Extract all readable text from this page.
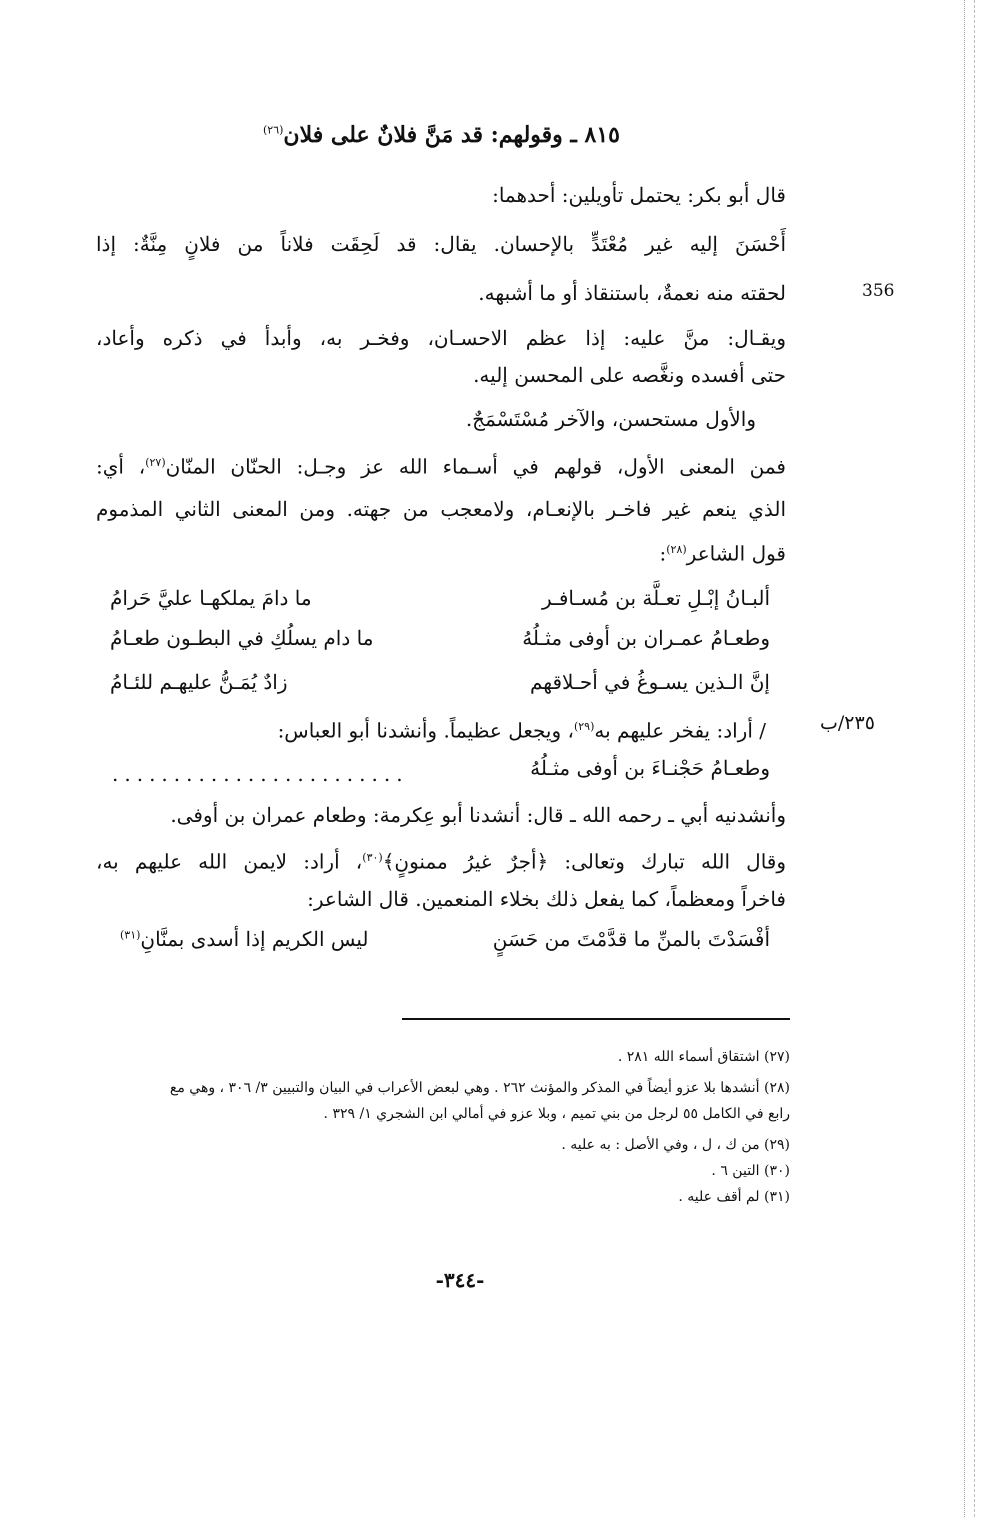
٨١٥ ـ وقولهم: قد مَنَّ فلانٌ على فلان$^{(٢٦)}$
قال أبو بكر: يحتمل تأويلين: أحدهما:
أَحْسَنَ إليه غير مُعْتَدٍّ بالإحسان. يقال: قد لَحِقَت فلاناً من فلانٍ مِنَّةٌ: إذا
لحقته منه نعمةٌ، باستنقاذ أو ما أشبهه.	356
ويقـال: منَّ عليه: إذا عظم الاحسـان، وفخـر به، وأبدأ في ذكره وأعاد،
حتى أفسده ونغَّصه على المحسن إليه.
والأول مستحسن، والآخر مُسْتَسْمَجٌ.
فمن المعنى الأول، قولهم في أسـماء الله عز وجـل: الحنّان المنّان$^{(٢٧)}$، أي:
الذي ينعم غير فاخـر بالإنعـام، ولامعجب من جهته. ومن المعنى الثاني المذموم
قول الشاعر$^{(٢٨)}$:
ألبـانُ إبْـلِ تعـلَّة بن مُسـافـر
ما دامَ يملكهـا عليَّ حَرامُ
وطعـامُ عمـران بن أوفى مثـلُهُ
ما دام يسلُكِ في البطـون طعـامُ
إنَّ الـذين يسـوغُ في أحـلاقهم
زادٌ يُمَـنُّ عليهـم للئـامُ
/ أراد: يفخر عليهم به$^{(٢٩)}$، ويجعل عظيماً. وأنشدنا أبو العباس:	٢٣٥/ب
وطعـامُ حَجْنـاءَ بن أوفى مثـلُهُ
........................
وأنشدنيه أبي ـ رحمه الله ـ قال: أنشدنا أبو عِكرمة: وطعام عمران بن أوفى.
وقال الله تبارك وتعالى: ﴿أجرٌ غيرُ ممنونٍ﴾$^{(٣٠)}$، أراد: لايمن الله عليهم به،
فاخراً ومعظماً، كما يفعل ذلك بخلاء المنعمين. قال الشاعر:
أفْسَدْتَ بالمنِّ ما قدَّمْتَ من حَسَنٍ
ليس الكريم إذا أسدى بمنَّانِ$^{(٣١)}$
(٢٧) اشتقاق أسماء الله ٢٨١ .
(٢٨) أنشدها بلا عزو أيضاً في المذكر والمؤنث ٢٦٢ . وهي لبعض الأعراب في البيان والتبيين ٣/ ٣٠٦ ، وهي مع
رابع في الكامل ٥٥ لرجل من بني تميم ، وبلا عزو في أمالي ابن الشجري ١/ ٣٢٩ .
(٢٩) من ك ، ل ، وفي الأصل : به عليه .
(٣٠) التين ٦ .
(٣١) لم أقف عليه .
-٣٤٤-
